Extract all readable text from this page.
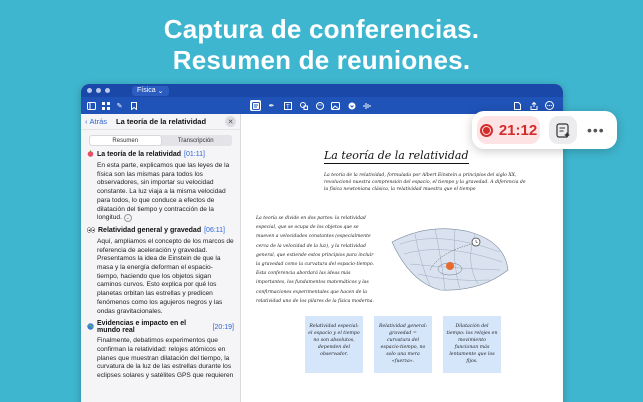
Captura de conferencias.
Resumen de reuniones.
Física ⌄
✎	✒	T
‹ Atrás La teoría de la relatividad	✕
Resumen	Transcripción
La teoría de la relatividad [01:11]
En esta parte, explicamos que las leyes de la física son las mismas para todos los observadores, sin importar su velocidad constante. La luz viaja a la misma velocidad para todos, lo que conduce a efectos de dilatación del tiempo y contracción de la longitud. ⌄
Relatividad general y gravedad [06:11]
Aquí, ampliamos el concepto de los marcos de referencia de aceleración y gravedad. Presentamos la idea de Einstein de que la masa y la energía deforman el espacio-tiempo, haciendo que los objetos sigan caminos curvos. Esto explica por qué los planetas orbitan las estrellas y predicen fenómenos como los agujeros negros y las ondas gravitacionales.
Evidencias e impacto en el mundo real	[20:19]
Finalmente, debatimos experimentos que confirman la relatividad: relojes atómicos en planes que muestran dilatación del tiempo, la curvatura de la luz de las estrellas durante los eclipses solares y satélites GPS que requieren
La teoría de la relatividad
La teoría de la relatividad, formulada por Albert Einstein a principios del siglo XX, revolucionó nuestra comprensión del espacio, el tiempo y la gravedad. A diferencia de la física newtoniana clásica, la relatividad muestra que el tiempo
La teoría se divide en dos partes: la relatividad especial, que se ocupa de los objetos que se mueven a velocidades constantes (especialmente cerca de la velocidad de la luz), y la relatividad general, que extiende estos principios para incluir la gravedad como la curvatura del espacio-tiempo. Esta conferencia abordará las ideas más importantes, los fundamentos matemáticos y las confirmaciones experimentales que hacen de la relatividad uno de los pilares de la física moderna.
Relatividad especial: el espacio y el tiempo no son absolutos, dependen del observador.
Relatividad general: gravedad = curvatura del espacio-tiempo, no solo una mera «fuerza».
Dilatación del tiempo: los relojes en movimiento funcionan más lentamente que los fijos.
21:12	•••
